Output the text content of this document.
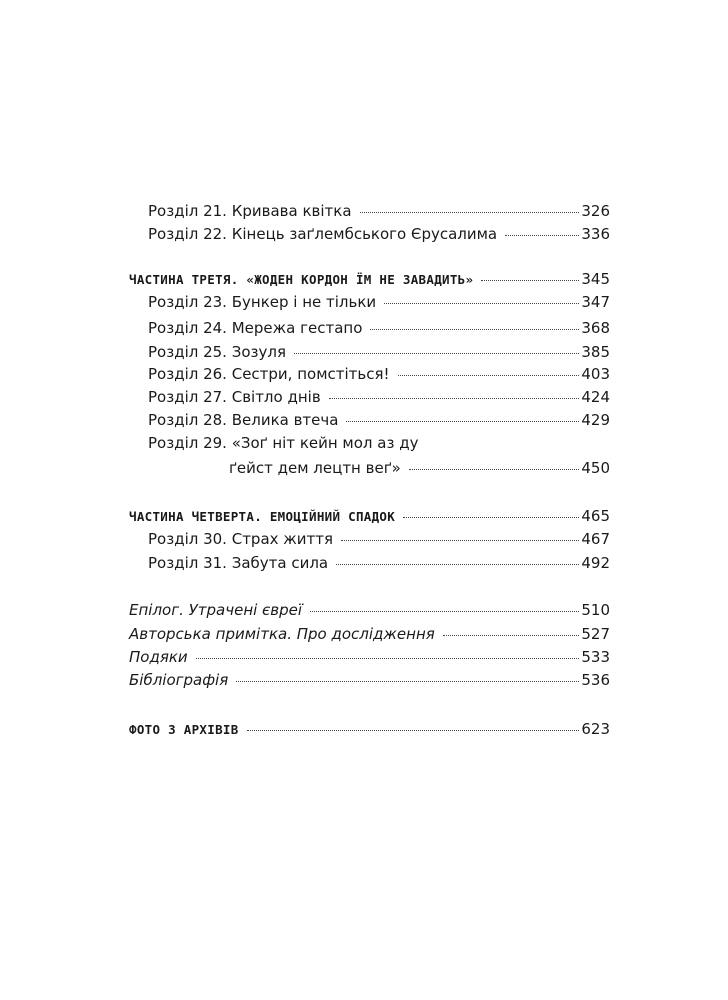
Розділ 21. Кривава квітка	326
Розділ 22. Кінець заґлембського Єрусалима	336
ЧАСТИНА ТРЕТЯ. «ЖОДЕН КОРДОН ЇМ НЕ ЗАВАДИТЬ»	345
Розділ 23. Бункер і не тільки	347
Розділ 24. Мережа гестапо	368
Розділ 25. Зозуля	385
Розділ 26. Сестри, помстіться!	403
Розділ 27. Світло днів	424
Розділ 28. Велика втеча	429
Розділ 29. «Зоґ ніт кейн мол аз ду
ґейст дем лецтн веґ»	450
ЧАСТИНА ЧЕТВЕРТА. ЕМОЦІЙНИЙ СПАДОК	465
Розділ 30. Страх життя	467
Розділ 31. Забута сила	492
Епілог. Утрачені євреї	510
Авторська примітка. Про дослідження	527
Подяки	533
Бібліографія	536
ФОТО З АРХІВІВ	623
